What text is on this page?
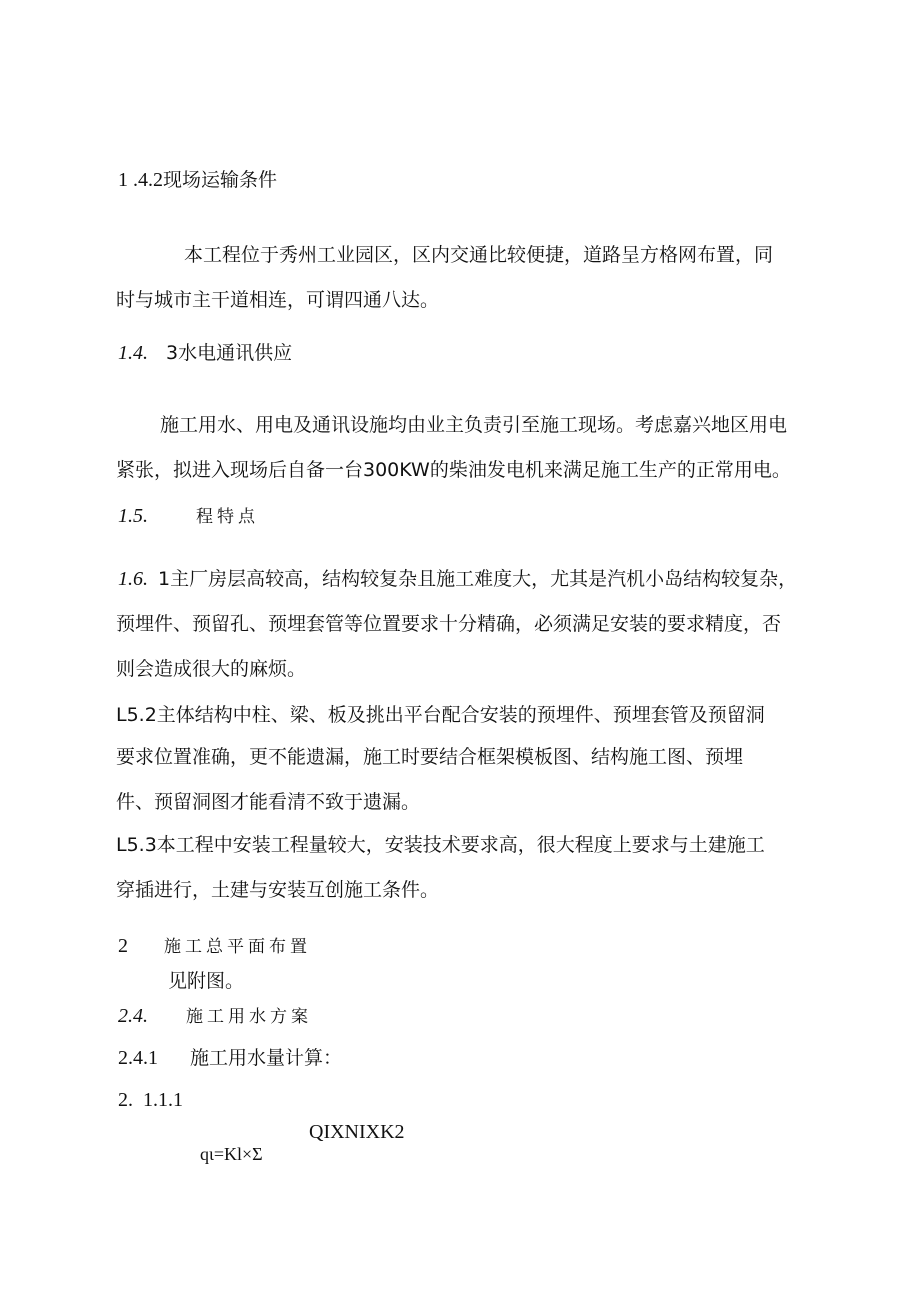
1 .4.2现场运输条件
本工程位于秀州工业园区，区内交通比较便捷，道路呈方格网布置，同
时与城市主干道相连，可谓四通八达。
1.4. 3水电通讯供应
施工用水、用电及通讯设施均由业主负责引至施工现场。考虑嘉兴地区用电
紧张，拟进入现场后自备一台300KW的柴油发电机来满足施工生产的正常用电。
1.5.	程特点
1.6. 1主厂房层高较高，结构较复杂且施工难度大，尤其是汽机小岛结构较复杂，
预埋件、预留孔、预埋套管等位置要求十分精确，必须满足安装的要求精度，否
则会造成很大的麻烦。
L5.2主体结构中柱、梁、板及挑出平台配合安装的预埋件、预埋套管及预留洞
要求位置准确，更不能遗漏，施工时要结合框架模板图、结构施工图、预埋
件、预留洞图才能看清不致于遗漏。
L5.3本工程中安装工程量较大，安装技术要求高，很大程度上要求与土建施工
穿插进行，土建与安装互创施工条件。
2 施工总平面布置
见附图。
2.4. 施工用水方案
2.4.1 施工用水量计算：
2.  1.1.1
QIXNIXK2
qι=Kl×Σ
